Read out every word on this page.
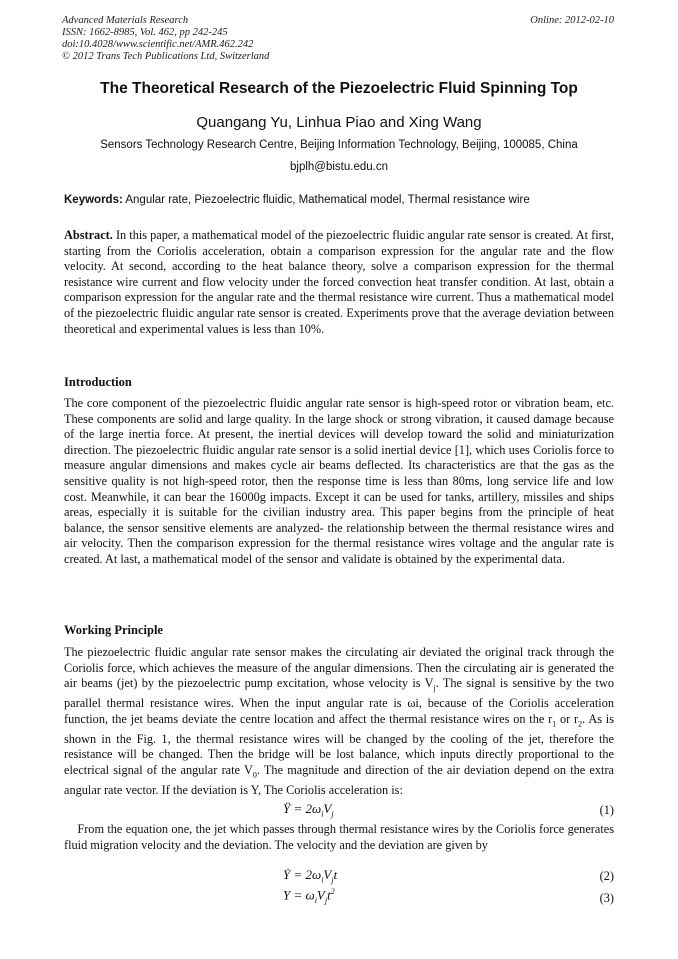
Advanced Materials Research
ISSN: 1662-8985, Vol. 462, pp 242-245
doi:10.4028/www.scientific.net/AMR.462.242
© 2012 Trans Tech Publications Ltd, Switzerland
Online: 2012-02-10
The Theoretical Research of the Piezoelectric Fluid Spinning Top
Quangang Yu, Linhua Piao and Xing Wang
Sensors Technology Research Centre, Beijing Information Technology, Beijing, 100085, China
bjplh@bistu.edu.cn
Keywords: Angular rate, Piezoelectric fluidic, Mathematical model, Thermal resistance wire
Abstract. In this paper, a mathematical model of the piezoelectric fluidic angular rate sensor is created. At first, starting from the Coriolis acceleration, obtain a comparison expression for the angular rate and the flow velocity. At second, according to the heat balance theory, solve a comparison expression for the thermal resistance wire current and flow velocity under the forced convection heat transfer condition. At last, obtain a comparison expression for the angular rate and the thermal resistance wire current. Thus a mathematical model of the piezoelectric fluidic angular rate sensor is created. Experiments prove that the average deviation between theoretical and experimental values is less than 10%.
Introduction
The core component of the piezoelectric fluidic angular rate sensor is high-speed rotor or vibration beam, etc. These components are solid and large quality. In the large shock or strong vibration, it caused damage because of the large inertia force. At present, the inertial devices will develop toward the solid and miniaturization direction. The piezoelectric fluidic angular rate sensor is a solid inertial device [1], which uses Coriolis force to measure angular dimensions and makes cycle air beams deflected. Its characteristics are that the gas as the sensitive quality is not high-speed rotor, then the response time is less than 80ms, long service life and low cost. Meanwhile, it can bear the 16000g impacts. Except it can be used for tanks, artillery, missiles and ships areas, especially it is suitable for the civilian industry area. This paper begins from the principle of heat balance, the sensor sensitive elements are analyzed- the relationship between the thermal resistance wires and air velocity. Then the comparison expression for the thermal resistance wires voltage and the angular rate is created. At last, a mathematical model of the sensor and validate is obtained by the experimental data.
Working Principle
The piezoelectric fluidic angular rate sensor makes the circulating air deviated the original track through the Coriolis force, which achieves the measure of the angular dimensions. Then the circulating air is generated the air beams (jet) by the piezoelectric pump excitation, whose velocity is $V_j$. The signal is sensitive by the two parallel thermal resistance wires. When the input angular rate is ωi, because of the Coriolis acceleration function, the jet beams deviate the centre location and affect the thermal resistance wires on the $r_1$ or $r_2$. As is shown in the Fig. 1, the thermal resistance wires will be changed by the cooling of the jet, therefore the resistance will be changed. Then the bridge will be lost balance, which inputs directly proportional to the electrical signal of the angular rate $V_0$. The magnitude and direction of the air deviation depend on the extra angular rate vector. If the deviation is Y, The Coriolis acceleration is:
Ÿ = $2\omega_iV_j$	(1)
From the equation one, the jet which passes through thermal resistance wires by the Coriolis force generates fluid migration velocity and the deviation. The velocity and the deviation are given by
Ẏ = $2\omega_iV_jt$	(2)
$Y = \omega_iV_jt^2$	(3)
